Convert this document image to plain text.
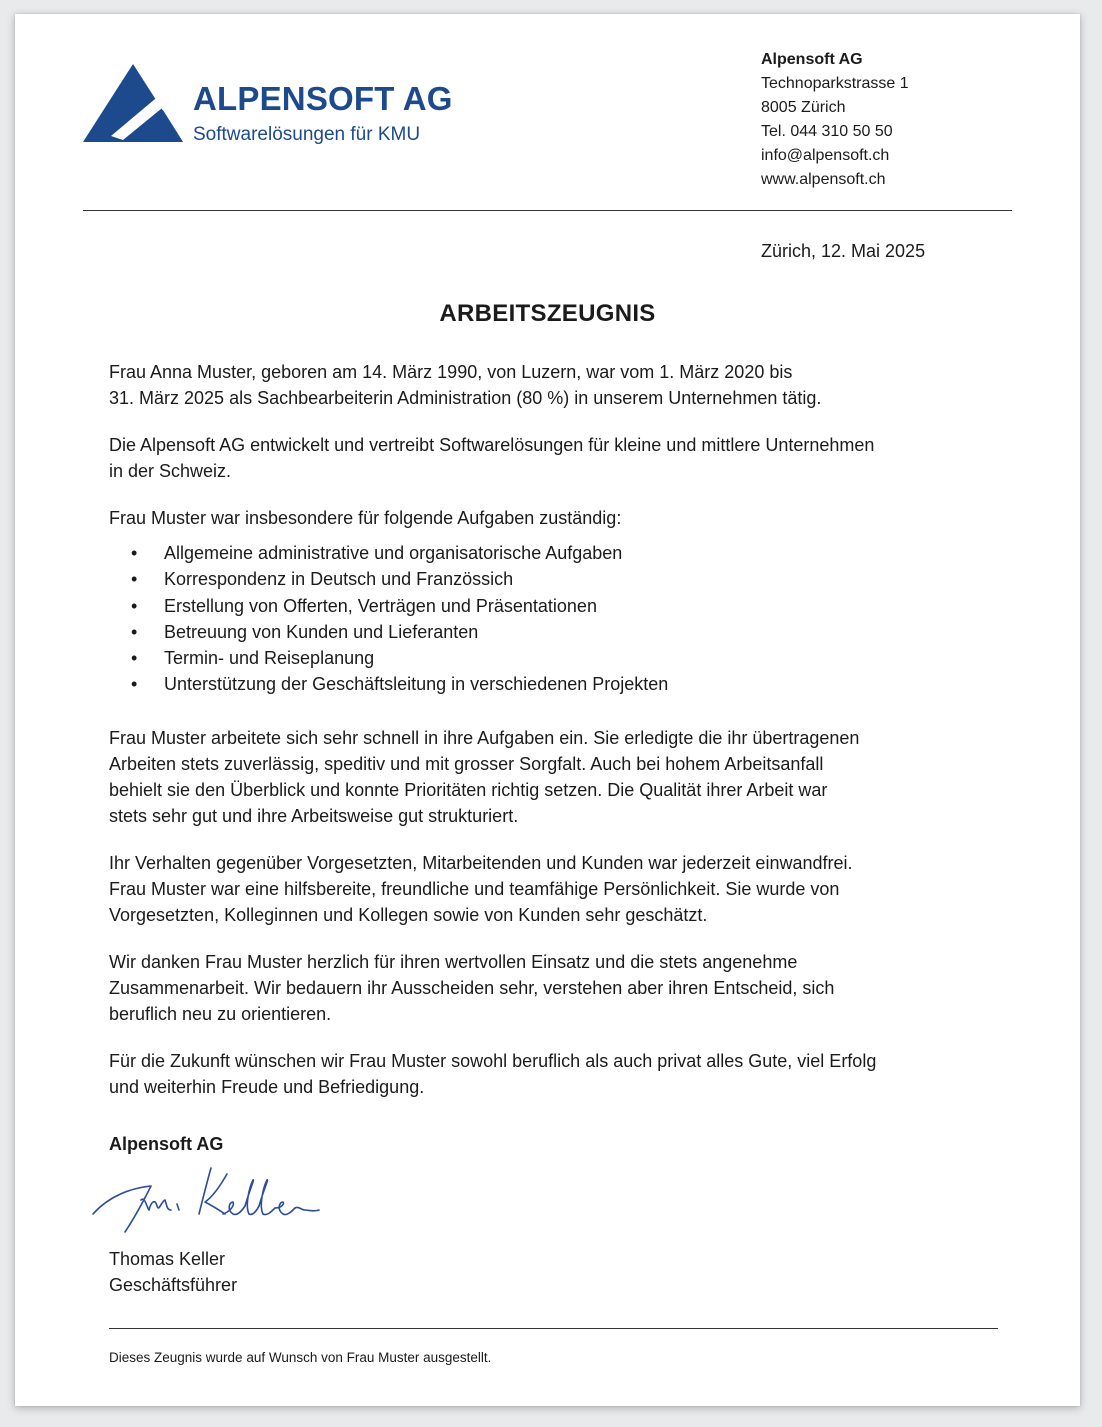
ALPENSOFT AG
Softwarelösungen für KMU
Alpensoft AG
Technoparkstrasse 1
8005 Zürich
Tel. 044 310 50 50
info@alpensoft.ch
www.alpensoft.ch
Zürich, 12. Mai 2025
ARBEITSZEUGNIS

Frau Anna Muster, geboren am 14. März 1990, von Luzern, war vom 1. März 2020 bis
31. März 2025 als Sachbearbeiterin Administration (80 %) in unserem Unternehmen tätig.

Die Alpensoft AG entwickelt und vertreibt Softwarelösungen für kleine und mittlere Unternehmen
in der Schweiz.

Frau Muster war insbesondere für folgende Aufgaben zuständig:

• Allgemeine administrative und organisatorische Aufgaben
• Korrespondenz in Deutsch und Französsich
• Erstellung von Offerten, Verträgen und Präsentationen
• Betreuung von Kunden und Lieferanten
• Termin- und Reiseplanung
• Unterstützung der Geschäftsleitung in verschiedenen Projekten

Frau Muster arbeitete sich sehr schnell in ihre Aufgaben ein. Sie erledigte die ihr übertragenen
Arbeiten stets zuverlässig, speditiv und mit grosser Sorgfalt. Auch bei hohem Arbeitsanfall
behielt sie den Überblick und konnte Prioritäten richtig setzen. Die Qualität ihrer Arbeit war
stets sehr gut und ihre Arbeitsweise gut strukturiert.

Ihr Verhalten gegenüber Vorgesetzten, Mitarbeitenden und Kunden war jederzeit einwandfrei.
Frau Muster war eine hilfsbereite, freundliche und teamfähige Persönlichkeit. Sie wurde von
Vorgesetzten, Kolleginnen und Kollegen sowie von Kunden sehr geschätzt.

Wir danken Frau Muster herzlich für ihren wertvollen Einsatz und die stets angenehme
Zusammenarbeit. Wir bedauern ihr Ausscheiden sehr, verstehen aber ihren Entscheid, sich
beruflich neu zu orientieren.

Für die Zukunft wünschen wir Frau Muster sowohl beruflich als auch privat alles Gute, viel Erfolg
und weiterhin Freude und Befriedigung.

Alpensoft AG
Thomas Keller
Geschäftsführer
Dieses Zeugnis wurde auf Wunsch von Frau Muster ausgestellt.
